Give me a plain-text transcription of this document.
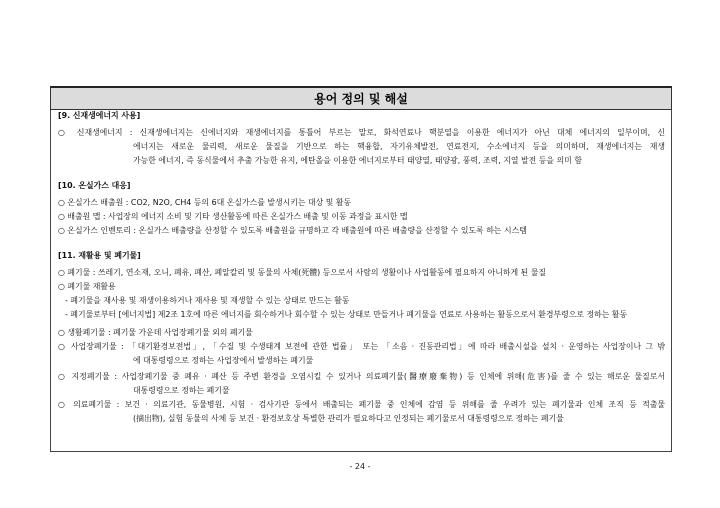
용어 정의 및 해설
[9. 신재생에너지 사용]
○ 신재생에너지 : 신재생에너지는 신에너지와 재생에너지를 통틀어 부르는 말로, 화석연료나 핵분열을 이용한 에너지가 아닌 대체 에너지의 일부이며, 신
에너지는 새로운 물리력, 새로운 물질을 기반으로 하는 핵융합, 자기유체발전, 연료전지, 수소에너지 등을 의미하며, 재생에너지는 재생
가능한 에너지, 즉 동식물에서 추출 가능한 유지, 에탄올을 이용한 에너지로부터 태양열, 태양광, 풍력, 조력, 지열 발전 등을 의미 함
[10. 온실가스 대응]
○ 온실가스 배출원 : CO2, N2O, CH4 등의 6대 온실가스를 발생시키는 대상 및 활동
○ 배출원 맵 : 사업장의 에너지 소비 및 기타 생산활동에 따른 온실가스 배출 및 이동 과정을 표시한 맵
○ 온실가스 인벤토리 : 온실가스 배출량을 산정할 수 있도록 배출원을 규명하고 각 배출원에 따른 배출량을 산정할 수 있도록 하는 시스템
[11. 재활용 및 폐기물]
○ 폐기물 : 쓰레기, 연소재, 오니, 폐유, 폐산, 폐알칼리 및 동물의 사체(死體) 등으로서 사람의 생활이나 사업활동에 필요하지 아니하게 된 물질
○ 폐기물 재활용
- 폐기물을 재사용 및 재생이용하거나 재사용 및 재생할 수 있는 상태로 만드는 활동
- 폐기물로부터 [에너지법] 제2조 1호에 따른 에너지를 회수하거나 회수할 수 있는 상태로 만들거나 폐기물을 연료로 사용하는 활동으로서 환경부령으로 정하는 활동
○ 생활폐기물 : 폐기물 가운데 사업장폐기물 외의 폐기물
○ 사업장폐기물 : 「대기환경보전법」, 「수질 및 수생태계 보전에 관한 법률」 또는 「소음 · 진동관리법」에 따라 배출시설을 설치 · 운영하는 사업장이나 그 밖
에 대통령령으로 정하는 사업장에서 발생하는 폐기물
○ 지정폐기물 : 사업장폐기물 중 폐유 · 폐산 등 주변 환경을 오염시킬 수 있거나 의료폐기물(醫療廢棄物) 등 인체에 위해(危害)를 줄 수 있는 해로운 물질로서
대통령령으로 정하는 폐기물
○ 의료폐기물 : 보건 · 의료기관, 동물병원, 시험 · 검사기관 등에서 배출되는 폐기물 중 인체에 감염 등 위해를 줄 우려가 있는 폐기물과 인체 조직 등 적출물
(摘出物), 실험 동물의 사체 등 보건 · 환경보호상 특별한 관리가 필요하다고 인정되는 폐기물로서 대통령령으로 정하는 폐기물
- 24 -
